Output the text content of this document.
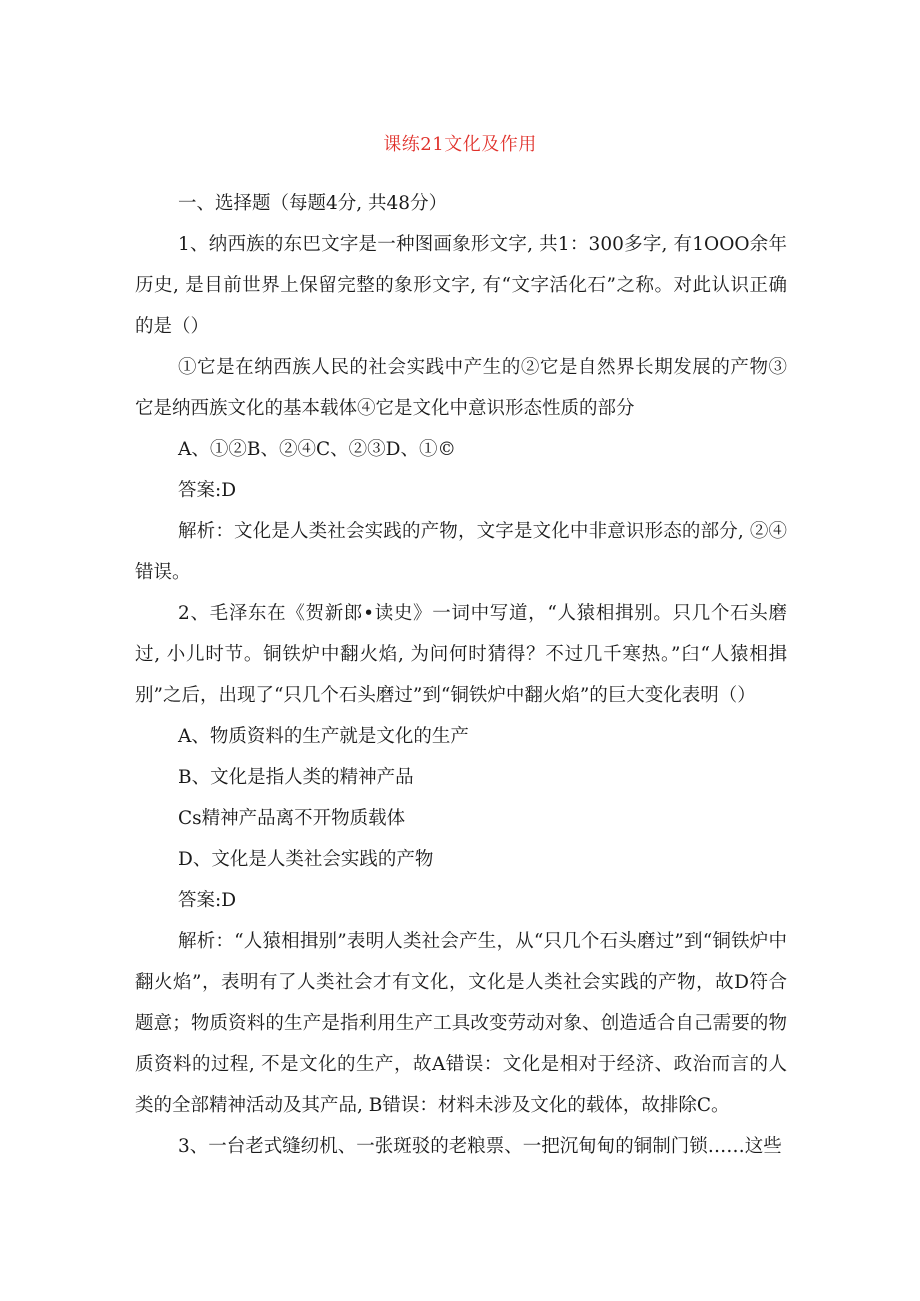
课练21文化及作用

一、选择题（每题4分, 共48分）

1、纳西族的东巴文字是一种图画象形文字, 共1：300多字, 有1OOO余年历史, 是目前世界上保留完整的象形文字, 有“文字活化石”之称。对此认识正确的是（）

①它是在纳西族人民的社会实践中产生的②它是自然界长期发展的产物③它是纳西族文化的基本载体④它是文化中意识形态性质的部分

A、①②B、②④C、②③D、①©

答案:D

解析：文化是人类社会实践的产物，文字是文化中非意识形态的部分, ②④错误。

2、毛泽东在《贺新郎•读史》一词中写道，“人猿相揖别。只几个石头磨过, 小儿时节。铜铁炉中翻火焰, 为问何时猜得？不过几千寒热。”臼“人猿相揖别”之后，出现了“只几个石头磨过”到“铜铁炉中翻火焰”的巨大变化表明（）

A、物质资料的生产就是文化的生产

B、文化是指人类的精神产品

Cs精神产品离不开物质载体

D、文化是人类社会实践的产物

答案:D

解析：“人猿相揖别”表明人类社会产生，从“只几个石头磨过”到“铜铁炉中翻火焰”，表明有了人类社会才有文化，文化是人类社会实践的产物，故D符合题意；物质资料的生产是指利用生产工具改变劳动对象、创造适合自己需要的物质资料的过程, 不是文化的生产，故A错误：文化是相对于经济、政治而言的人类的全部精神活动及其产品, B错误：材料未涉及文化的载体，故排除C。

3、一台老式缝纫机、一张斑驳的老粮票、一把沉甸甸的铜制门锁……这些
